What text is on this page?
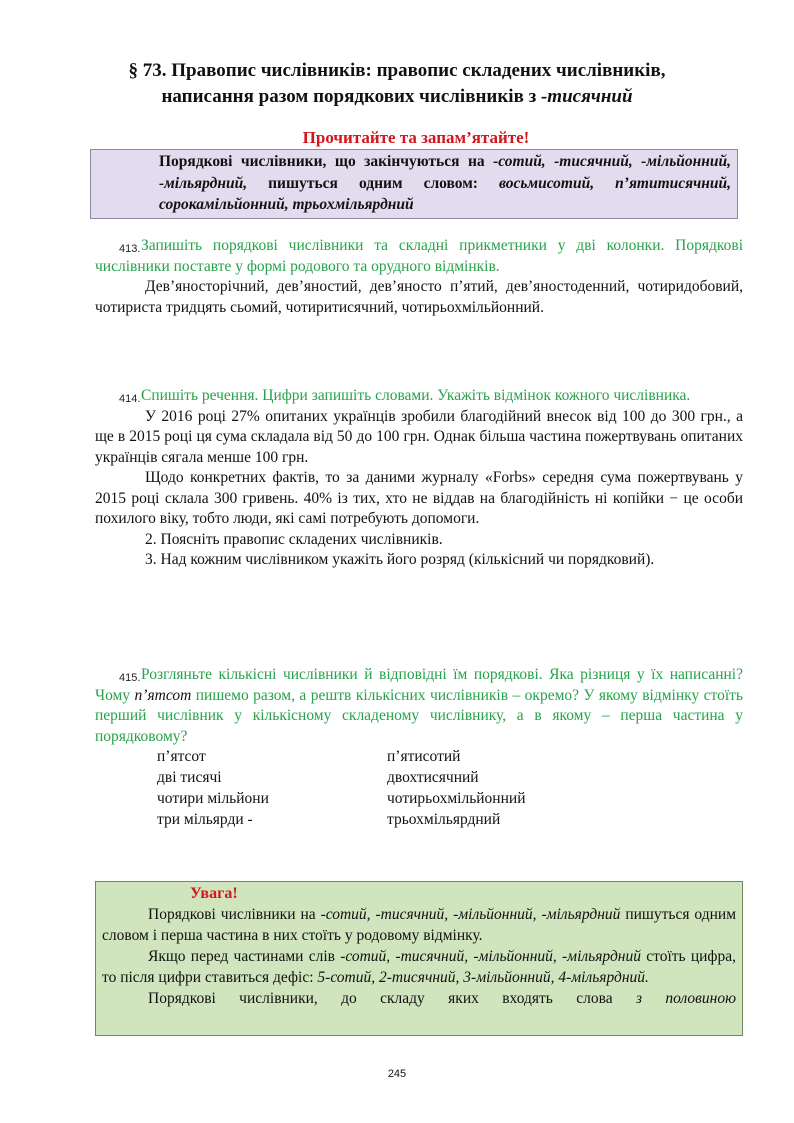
§ 73. Правопис числівників: правопис складених числівників,
написання разом порядкових числівників з -тисячний

Прочитайте та запам’ятайте!

Порядкові числівники, що закінчуються на -сотий, -тисячний, -мільйонний, -мільярдний, пишуться одним словом: восьмисотий, п’ятитисячний, сорокамільйонний, трьохмільярдний
413. Запишіть порядкові числівники та складні прикметники у дві колонки. Порядкові числівники поставте у формі родового та орудного відмінків.

Дев’яносторічний, дев’яностий, дев’яносто п’ятий, дев’яностоденний, чотиридобовий, чотириста тридцять сьомий, чотиритисячний, чотирьохмільйонний.

414. Спишіть речення. Цифри запишіть словами. Укажіть відмінок кожного числівника.

У 2016 році 27% опитаних українців зробили благодійний внесок від 100 до 300 грн., а ще в 2015 році ця сума складала від 50 до 100 грн. Однак більша частина пожертвувань опитаних українців сягала менше 100 грн.

Щодо конкретних фактів, то за даними журналу «Forbs» середня сума пожертвувань у 2015 році склала 300 гривень. 40% із тих, хто не віддав на благодійність ні копійки − це особи похилого віку, тобто люди, які самі потребують допомоги.

2. Поясніть правопис складених числівників.

3. Над кожним числівником укажіть його розряд (кількісний чи порядковий).

415. Розгляньте кількісні числівники й відповідні їм порядкові. Яка різниця у їх написанні? Чому п’ятсот пишемо разом, а рештв кількісних числівників – окремо? У якому відмінку стоїть перший числівник у кількісному складеному числівнику, а в якому – перша частина у порядковому?

п’ятсот	п’ятисотий
дві тисячі	двохтисячний
чотири мільйони	чотирьохмільйонний
три мільярди -	трьохмільярдний
Увага!

Порядкові числівники на -сотий, -тисячний, -мільйонний, -мільярдний пишуться одним словом і перша частина в них стоїть у родовому відмінку.

Якщо перед частинами слів -сотий, -тисячний, -мільйонний, -мільярдний стоїть цифра, то після цифри ставиться дефіс: 5-сотий, 2-тисячний, 3-мільйонний, 4-мільярдний.

Порядкові числівники, до складу яких входять слова з половиною

245
